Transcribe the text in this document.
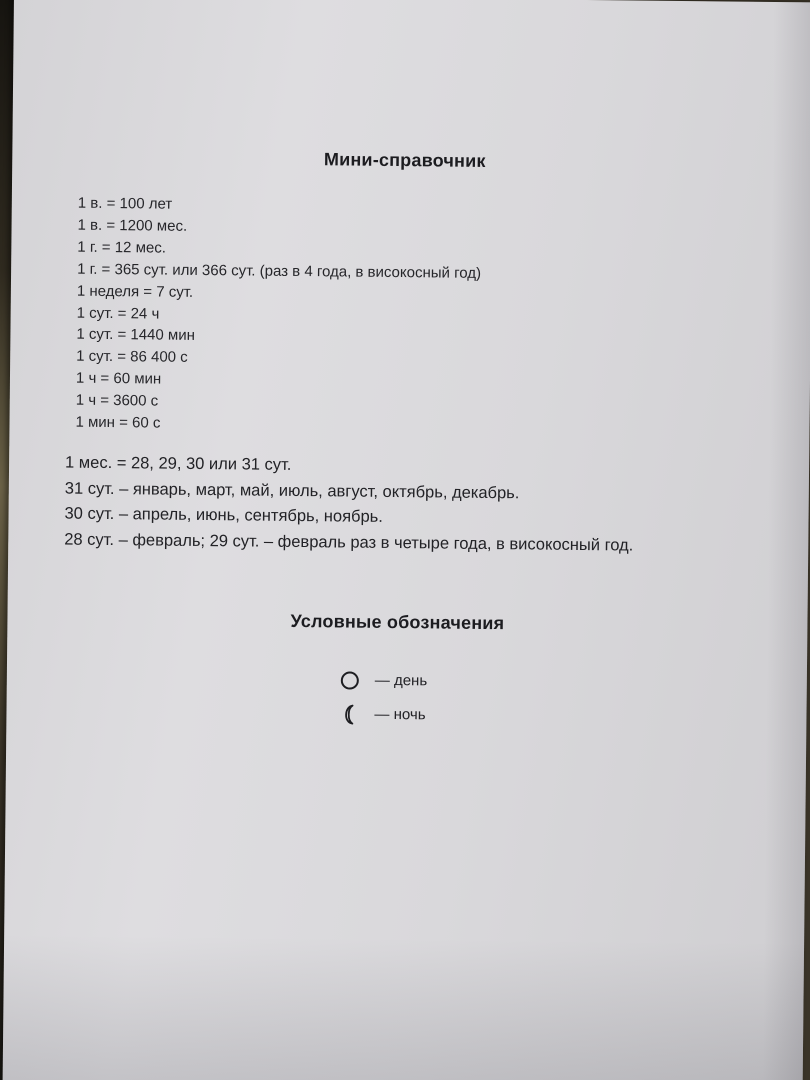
Мини-справочник
1 в. = 100 лет
1 в. = 1200 мес.
1 г. = 12 мес.
1 г. = 365 сут. или 366 сут. (раз в 4 года, в високосный год)
1 неделя = 7 сут.
1 сут. = 24 ч
1 сут. = 1440 мин
1 сут. = 86 400 с
1 ч = 60 мин
1 ч = 3600 с
1 мин = 60 с
1 мес. = 28, 29, 30 или 31 сут.
31 сут. – январь, март, май, июль, август, октябрь, декабрь.
30 сут. – апрель, июнь, сентябрь, ноябрь.
28 сут. – февраль; 29 сут. – февраль раз в четыре года, в високосный год.
Условные обозначения
— день
— ночь
